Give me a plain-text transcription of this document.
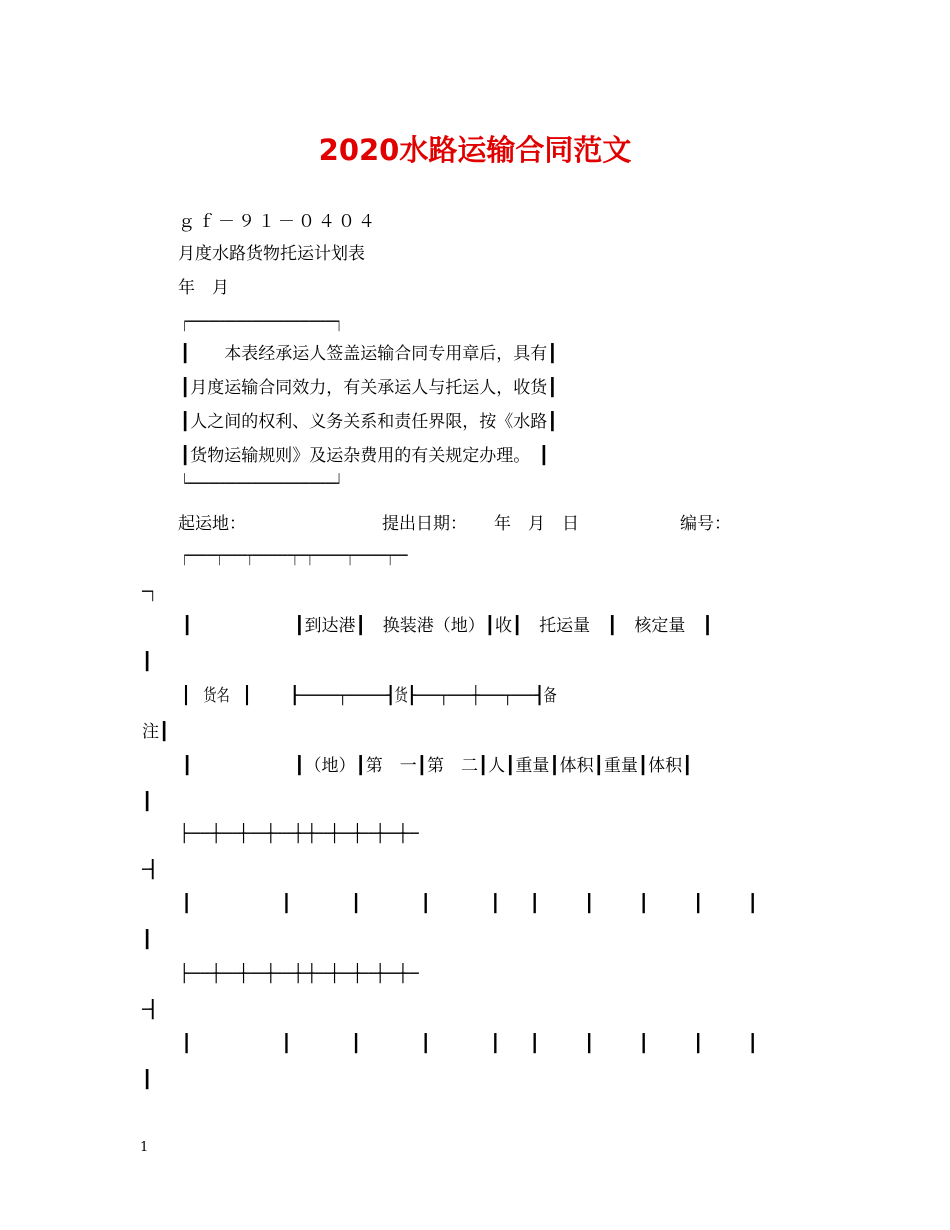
2020水路运输合同范文
ｇｆ－９１－０４０４
月度水路货物托运计划表
年　月
┌────────────────────────────┐
┃　　本表经承运人签盖运输合同专用章后，具有┃
┃月度运输合同效力，有关承运人与托运人，收货┃
┃人之间的权利、义务关系和责任界限，按《水路┃
┃货物运输规则》及运杂费用的有关规定办理。　┃
└────────────────────────────┘
起运地：	提出日期： 年　月　日	编号：
┌──────┬─────┬────────┬──┬───────┬───────┬───
─┐
┃　　　　　　┃到达港┃　换装港（地）┃收┃　托运量　┃　核定量　┃
┃
┃　货名　┃　　　┠─────┬─────┨货┠───┬───┼───┬───┨备
注┃
┃　　　　　　┃（地）┃第　一┃第　二┃人┃重量┃体积┃重量┃体积┃
┃
┠──────╂─────╂─────╂─────╂──╂────╂────╂────╂────╂───
─┨
┃　　　　　　┃　　　　┃　　　　┃　　　　┃　　┃　　　┃　　　┃　　　┃　　　┃
┃
┠──────╂─────╂─────╂─────╂──╂────╂────╂────╂────╂───
─┨
┃　　　　　　┃　　　　┃　　　　┃　　　　┃　　┃　　　┃　　　┃　　　┃　　　┃
┃
1
